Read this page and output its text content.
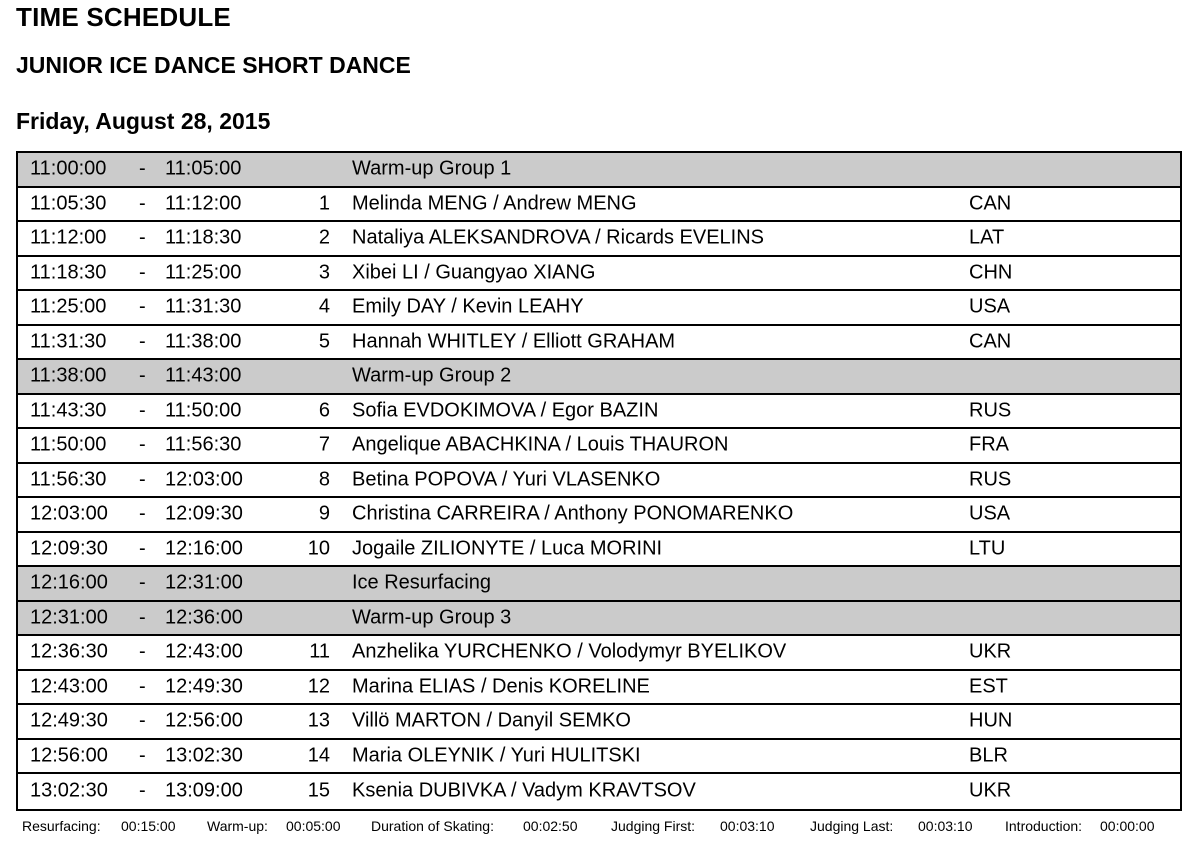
TIME SCHEDULE
JUNIOR ICE DANCE SHORT DANCE
Friday, August 28, 2015
11:00:00 - 11:05:00	Warm-up Group 1
11:05:30 - 11:12:00	1 Melinda MENG / Andrew MENG	CAN
11:12:00 - 11:18:30	2 Nataliya ALEKSANDROVA / Ricards EVELINS	LAT
11:18:30 - 11:25:00	3 Xibei LI / Guangyao XIANG	CHN
11:25:00 - 11:31:30	4 Emily DAY / Kevin LEAHY	USA
11:31:30 - 11:38:00	5 Hannah WHITLEY / Elliott GRAHAM	CAN
11:38:00 - 11:43:00	Warm-up Group 2
11:43:30 - 11:50:00	6 Sofia EVDOKIMOVA / Egor BAZIN	RUS
11:50:00 - 11:56:30	7 Angelique ABACHKINA / Louis THAURON	FRA
11:56:30 - 12:03:00	8 Betina POPOVA / Yuri VLASENKO	RUS
12:03:00 - 12:09:30	9 Christina CARREIRA / Anthony PONOMARENKO	USA
12:09:30 - 12:16:00	10 Jogaile ZILIONYTE / Luca MORINI	LTU
12:16:00 - 12:31:00	Ice Resurfacing
12:31:00 - 12:36:00	Warm-up Group 3
12:36:30 - 12:43:00	11 Anzhelika YURCHENKO / Volodymyr BYELIKOV	UKR
12:43:00 - 12:49:30	12 Marina ELIAS / Denis KORELINE	EST
12:49:30 - 12:56:00	13 Villö MARTON / Danyil SEMKO	HUN
12:56:00 - 13:02:30	14 Maria OLEYNIK / Yuri HULITSKI	BLR
13:02:30 - 13:09:00	15 Ksenia DUBIVKA / Vadym KRAVTSOV	UKR
Resurfacing: 00:15:00 Warm-up: 00:05:00 Duration of Skating: 00:02:50 Judging First: 00:03:10	Judging Last: 00:03:10 Introduction: 00:00:00
